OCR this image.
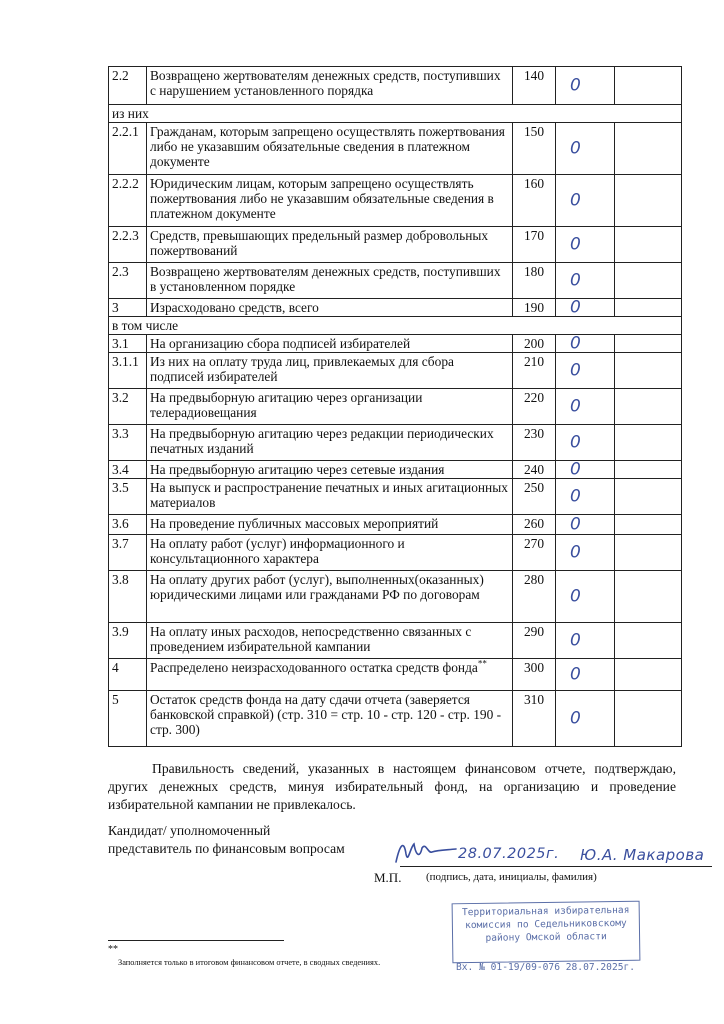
2.2	Возвращено жертвователям денежных средств, поступивших с нарушением установленного порядка	140	0	

из них				
2.2.1	Гражданам, которым запрещено осуществлять пожертвования либо не указавшим обязательные сведения в платежном документе	150	0	

2.2.2	Юридическим лицам, которым запрещено осуществлять пожертвования либо не указавшим обязательные сведения в платежном документе	160	0	

2.2.3	Средств, превышающих предельный размер добровольных пожертвований	170	0	

2.3	Возвращено жертвователям денежных средств, поступивших в установленном порядке	180	0	

3	Израсходовано средств, всего	190	0	

в том числе				
3.1	На организацию сбора подписей избирателей	200	0	

3.1.1	Из них на оплату труда лиц, привлекаемых для сбора подписей избирателей	210	0	

3.2	На предвыборную агитацию через организации телерадиовещания	220	0	

3.3	На предвыборную агитацию через редакции периодических печатных изданий	230	0	

3.4	На предвыборную агитацию через сетевые издания	240	0	

3.5	На выпуск и распространение печатных и иных агитационных материалов	250	0	

3.6	На проведение публичных массовых мероприятий	260	0	

3.7	На оплату работ (услуг) информационного и консультационного характера	270	0	

3.8	На оплату других работ (услуг), выполненных(оказанных) юридическими лицами или гражданами РФ по договорам	280	0	

3.9	На оплату иных расходов, непосредственно связанных с проведением избирательной кампании	290	0	

4	Распределено неизрасходованного остатка средств фонда**	300	0	

5	Остаток средств фонда на дату сдачи отчета (заверяется банковской справкой) (стр. 310 = стр. 10 - стр. 120 - стр. 190 - стр. 300)	310	0	

Правильность сведений, указанных в настоящем финансовом отчете, подтверждаю, других денежных средств, минуя избирательный фонд, на организацию и проведение избирательной кампании не привлекалось.
Кандидат/ уполномоченный
представитель по финансовым вопросам	28.07.2025г. Ю.А. Макарова
М.П. (подпись, дата, инициалы, фамилия)
Территориальная избирательная
комиссия по Седельниковскому
району Омской области
Вх. № 01-19/09-076 28.07.2025г.
**
Заполняется только в итоговом финансовом отчете, в сводных сведениях.
